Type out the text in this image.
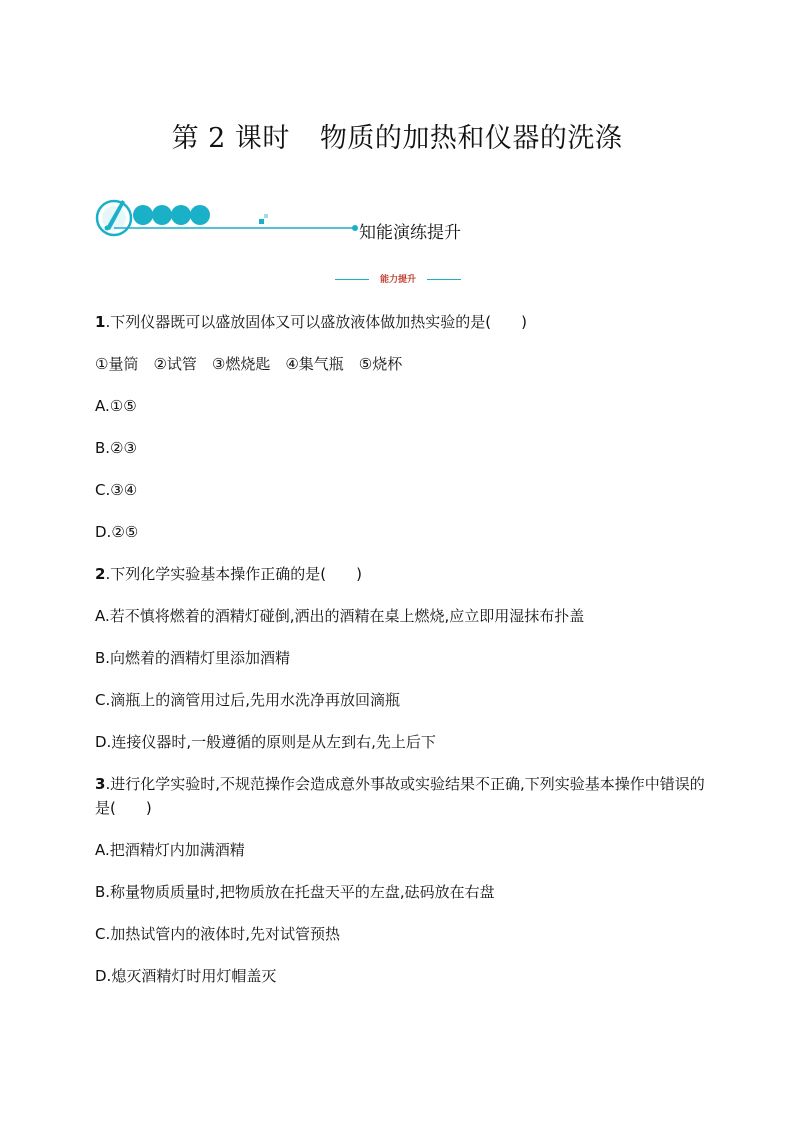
第 2 课时 物质的加热和仪器的洗涤
知能演练提升
能力提升

1.下列仪器既可以盛放固体又可以盛放液体做加热实验的是( )

①量筒　②试管　③燃烧匙　④集气瓶　⑤烧杯

A.①⑤

B.②③

C.③④

D.②⑤

2.下列化学实验基本操作正确的是( )

A.若不慎将燃着的酒精灯碰倒,洒出的酒精在桌上燃烧,应立即用湿抹布扑盖

B.向燃着的酒精灯里添加酒精

C.滴瓶上的滴管用过后,先用水洗净再放回滴瓶

D.连接仪器时,一般遵循的原则是从左到右,先上后下

3.进行化学实验时,不规范操作会造成意外事故或实验结果不正确,下列实验基本操作中错误的是( )

A.把酒精灯内加满酒精

B.称量物质质量时,把物质放在托盘天平的左盘,砝码放在右盘

C.加热试管内的液体时,先对试管预热

D.熄灭酒精灯时用灯帽盖灭
